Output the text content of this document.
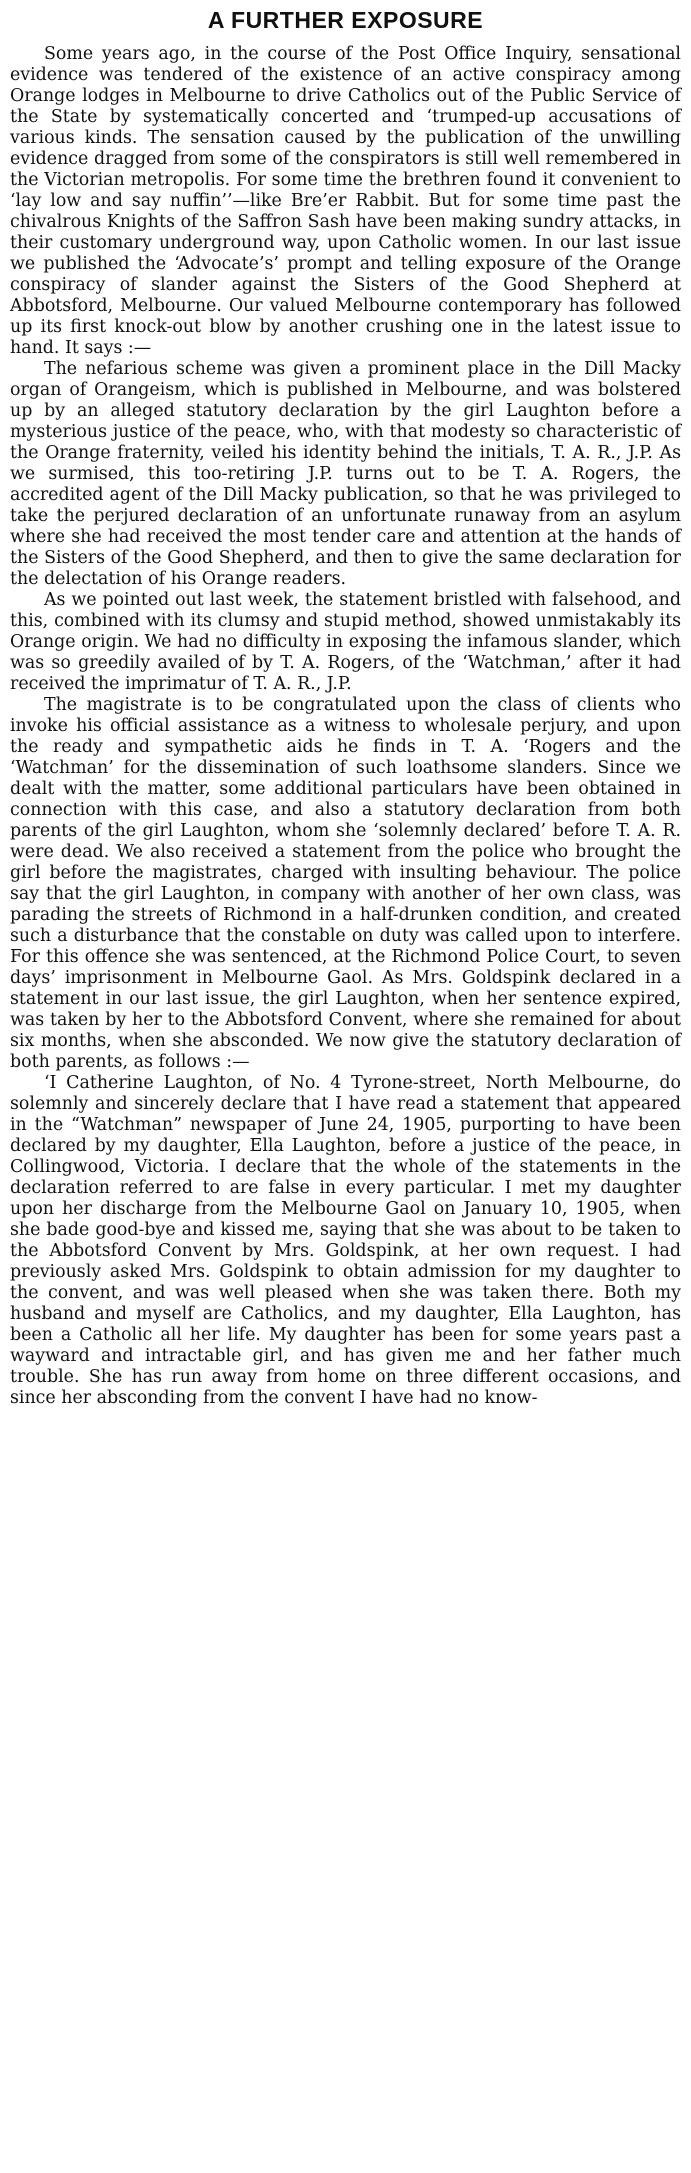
A FURTHER EXPOSURE

Some years ago, in the course of the Post Office Inquiry, sensational evidence was tendered of the existence of an active conspiracy among Orange lodges in Melbourne to drive Catholics out of the Public Service of the State by systematically concerted and ‘trumped-up accusations of various kinds. The sensation caused by the publication of the unwilling evidence dragged from some of the conspirators is still well remembered in the Victorian metropolis. For some time the brethren found it convenient to ‘lay low and say nuffin’’—like Bre’er Rabbit. But for some time past the chivalrous Knights of the Saffron Sash have been making sundry attacks, in their customary underground way, upon Catholic women. In our last issue we published the ‘Advocate’s’ prompt and telling exposure of the Orange conspiracy of slander against the Sisters of the Good Shepherd at Abbotsford, Melbourne. Our valued Melbourne contemporary has followed up its first knock-out blow by another crushing one in the latest issue to hand. It says :—

The nefarious scheme was given a prominent place in the Dill Macky organ of Orangeism, which is published in Melbourne, and was bolstered up by an alleged statutory declaration by the girl Laughton before a mysterious justice of the peace, who, with that modesty so characteristic of the Orange fraternity, veiled his identity behind the initials, T. A. R., J.P. As we surmised, this too-retiring J.P. turns out to be T. A. Rogers, the accredited agent of the Dill Macky publication, so that he was privileged to take the perjured declaration of an unfortunate runaway from an asylum where she had received the most tender care and attention at the hands of the Sisters of the Good Shepherd, and then to give the same declaration for the delectation of his Orange readers.

As we pointed out last week, the statement bristled with falsehood, and this, combined with its clumsy and stupid method, showed unmistakably its Orange origin. We had no difficulty in exposing the infamous slander, which was so greedily availed of by T. A. Rogers, of the ‘Watchman,’ after it had received the imprimatur of T. A. R., J.P.

The magistrate is to be congratulated upon the class of clients who invoke his official assistance as a witness to wholesale perjury, and upon the ready and sympathetic aids he finds in T. A. ‘Rogers and the ‘Watchman’ for the dissemination of such loathsome slanders. Since we dealt with the matter, some additional particulars have been obtained in connection with this case, and also a statutory declaration from both parents of the girl Laughton, whom she ‘solemnly declared’ before T. A. R. were dead. We also received a statement from the police who brought the girl before the magistrates, charged with insulting behaviour. The police say that the girl Laughton, in company with another of her own class, was parading the streets of Richmond in a half-drunken condition, and created such a disturbance that the constable on duty was called upon to interfere. For this offence she was sentenced, at the Richmond Police Court, to seven days’ imprisonment in Melbourne Gaol. As Mrs. Goldspink declared in a statement in our last issue, the girl Laughton, when her sentence expired, was taken by her to the Abbotsford Convent, where she remained for about six months, when she absconded. We now give the statutory declaration of both parents, as follows :—

‘I Catherine Laughton, of No. 4 Tyrone-street, North Melbourne, do solemnly and sincerely declare that I have read a statement that appeared in the “Watchman” newspaper of June 24, 1905, purporting to have been declared by my daughter, Ella Laughton, before a justice of the peace, in Collingwood, Victoria. I declare that the whole of the statements in the declaration referred to are false in every particular. I met my daughter upon her discharge from the Melbourne Gaol on January 10, 1905, when she bade good-bye and kissed me, saying that she was about to be taken to the Abbotsford Convent by Mrs. Goldspink, at her own request. I had previously asked Mrs. Goldspink to obtain admission for my daughter to the convent, and was well pleased when she was taken there. Both my husband and myself are Catholics, and my daughter, Ella Laughton, has been a Catholic all her life. My daughter has been for some years past a wayward and intractable girl, and has given me and her father much trouble. She has run away from home on three different occasions, and since her absconding from the convent I have had no know-
